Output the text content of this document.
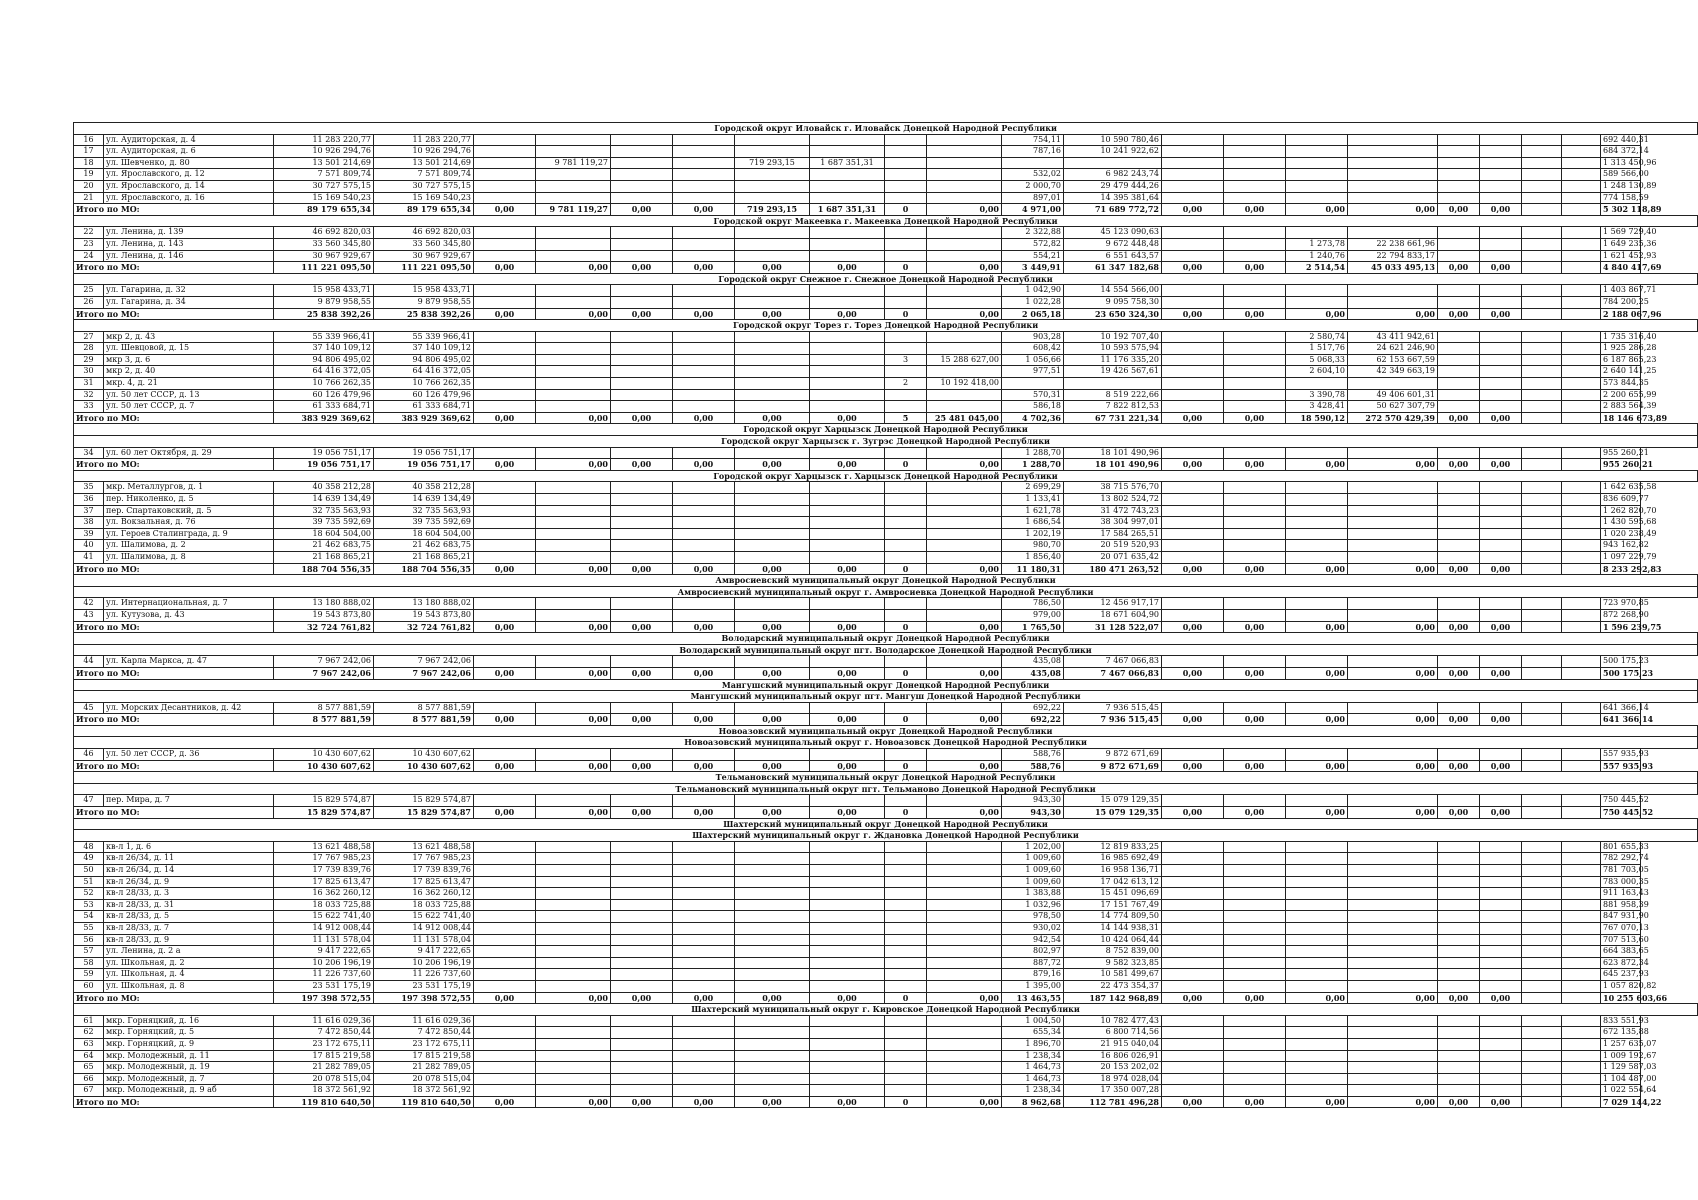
Городской округ Иловайск г. Иловайск Донецкой Народной Республики																						
16	ул. Аудиторская, д. 4	11 283 220,77	11 283 220,77									754,11	10 590 780,46									692 440,31
17	ул. Аудиторская, д. 6	10 926 294,76	10 926 294,76									787,16	10 241 922,62									684 372,14
18	ул. Шевченко, д. 80	13 501 214,69	13 501 214,69		9 781 119,27			719 293,15	1 687 351,31													1 313 450,96
19	ул. Ярославского, д. 12	7 571 809,74	7 571 809,74									532,02	6 982 243,74									589 566,00
20	ул. Ярославского, д. 14	30 727 575,15	30 727 575,15									2 000,70	29 479 444,26									1 248 130,89
21	ул. Ярославского, д. 16	15 169 540,23	15 169 540,23									897,01	14 395 381,64									774 158,59
Итого по МО:		89 179 655,34	89 179 655,34	0,00	9 781 119,27	0,00	0,00	719 293,15	1 687 351,31	0	0,00	4 971,00	71 689 772,72	0,00	0,00	0,00	0,00	0,00	0,00			5 302 118,89
Городской округ Макеевка г. Макеевка Донецкой Народной Республики																						
22	ул. Ленина, д. 139	46 692 820,03	46 692 820,03									2 322,88	45 123 090,63									1 569 729,40
23	ул. Ленина, д. 143	33 560 345,80	33 560 345,80									572,82	9 672 448,48			1 273,78	22 238 661,96					1 649 235,36
24	ул. Ленина, д. 146	30 967 929,67	30 967 929,67									554,21	6 551 643,57			1 240,76	22 794 833,17					1 621 452,93
Итого по МО:		111 221 095,50	111 221 095,50	0,00	0,00	0,00	0,00	0,00	0,00	0	0,00	3 449,91	61 347 182,68	0,00	0,00	2 514,54	45 033 495,13	0,00	0,00			4 840 417,69
Городской округ Снежное г. Снежное Донецкой Народной Республики																						
25	ул. Гагарина, д. 32	15 958 433,71	15 958 433,71									1 042,90	14 554 566,00									1 403 867,71
26	ул. Гагарина, д. 34	9 879 958,55	9 879 958,55									1 022,28	9 095 758,30									784 200,25
Итого по МО:		25 838 392,26	25 838 392,26	0,00	0,00	0,00	0,00	0,00	0,00	0	0,00	2 065,18	23 650 324,30	0,00	0,00	0,00	0,00	0,00	0,00			2 188 067,96
Городской округ Торез г. Торез Донецкой Народной Республики																						
27	мкр 2, д. 43	55 339 966,41	55 339 966,41									903,28	10 192 707,40			2 580,74	43 411 942,61					1 735 316,40
28	ул. Шевцовой, д. 15	37 140 109,12	37 140 109,12									608,42	10 593 575,94			1 517,76	24 621 246,90					1 925 286,28
29	мкр 3, д. 6	94 806 495,02	94 806 495,02							3	15 288 627,00	1 056,66	11 176 335,20			5 068,33	62 153 667,59					6 187 865,23
30	мкр 2, д. 40	64 416 372,05	64 416 372,05									977,51	19 426 567,61			2 604,10	42 349 663,19					2 640 141,25
31	мкр. 4, д. 21	10 766 262,35	10 766 262,35							2	10 192 418,00											573 844,35
32	ул. 50 лет СССР, д. 13	60 126 479,96	60 126 479,96									570,31	8 519 222,66			3 390,78	49 406 601,31					2 200 655,99
33	ул. 50 лет СССР, д. 7	61 333 684,71	61 333 684,71									586,18	7 822 812,53			3 428,41	50 627 307,79					2 883 564,39
Итого по МО:		383 929 369,62	383 929 369,62	0,00	0,00	0,00	0,00	0,00	0,00	5	25 481 045,00	4 702,36	67 731 221,34	0,00	0,00	18 590,12	272 570 429,39	0,00	0,00			18 146 673,89
Городской округ Харцызск Донецкой Народной Республики																						
Городской округ Харцызск г. Зугрэс Донецкой Народной Республики																						
34	ул. 60 лет Октября, д. 29	19 056 751,17	19 056 751,17									1 288,70	18 101 490,96									955 260,21
Итого по МО:		19 056 751,17	19 056 751,17	0,00	0,00	0,00	0,00	0,00	0,00	0	0,00	1 288,70	18 101 490,96	0,00	0,00	0,00	0,00	0,00	0,00			955 260,21
Городской округ Харцызск г. Харцызск Донецкой Народной Республики																						
35	мкр. Металлургов, д. 1	40 358 212,28	40 358 212,28									2 699,29	38 715 576,70									1 642 635,58
36	пер. Николенко, д. 5	14 639 134,49	14 639 134,49									1 133,41	13 802 524,72									836 609,77
37	пер. Спартаковский, д. 5	32 735 563,93	32 735 563,93									1 621,78	31 472 743,23									1 262 820,70
38	ул. Вокзальная, д. 76	39 735 592,69	39 735 592,69									1 686,54	38 304 997,01									1 430 595,68
39	ул. Героев Сталинграда, д. 9	18 604 504,00	18 604 504,00									1 202,19	17 584 265,51									1 020 238,49
40	ул. Шалимова, д. 2	21 462 683,75	21 462 683,75									980,70	20 519 520,93									943 162,82
41	ул. Шалимова, д. 8	21 168 865,21	21 168 865,21									1 856,40	20 071 635,42									1 097 229,79
Итого по МО:		188 704 556,35	188 704 556,35	0,00	0,00	0,00	0,00	0,00	0,00	0	0,00	11 180,31	180 471 263,52	0,00	0,00	0,00	0,00	0,00	0,00			8 233 292,83
Амвросиевский муниципальный округ Донецкой Народной Республики																						
Амвросиевский муниципальный округ г. Амвросиевка Донецкой Народной Республики																						
42	ул. Интернациональная, д. 7	13 180 888,02	13 180 888,02									786,50	12 456 917,17									723 970,85
43	ул. Кутузова, д. 43	19 543 873,80	19 543 873,80									979,00	18 671 604,90									872 268,90
Итого по МО:		32 724 761,82	32 724 761,82	0,00	0,00	0,00	0,00	0,00	0,00	0	0,00	1 765,50	31 128 522,07	0,00	0,00	0,00	0,00	0,00	0,00			1 596 239,75
Володарский муниципальный округ Донецкой Народной Республики																						
Володарский муниципальный округ пгт. Володарское Донецкой Народной Республики																						
44	ул. Карла Маркса, д. 47	7 967 242,06	7 967 242,06									435,08	7 467 066,83									500 175,23
Итого по МО:		7 967 242,06	7 967 242,06	0,00	0,00	0,00	0,00	0,00	0,00	0	0,00	435,08	7 467 066,83	0,00	0,00	0,00	0,00	0,00	0,00			500 175,23
Мангушский муниципальный округ Донецкой Народной Республики																						
Мангушский муниципальный округ пгт. Мангуш Донецкой Народной Республики																						
45	ул. Морских Десантников, д. 42	8 577 881,59	8 577 881,59									692,22	7 936 515,45									641 366,14
Итого по МО:		8 577 881,59	8 577 881,59	0,00	0,00	0,00	0,00	0,00	0,00	0	0,00	692,22	7 936 515,45	0,00	0,00	0,00	0,00	0,00	0,00			641 366,14
Новоазовский муниципальный округ Донецкой Народной Республики																						
Новоазовский муниципальный округ г. Новоазовск Донецкой Народной Республики																						
46	ул. 50 лет СССР, д. 36	10 430 607,62	10 430 607,62									588,76	9 872 671,69									557 935,93
Итого по МО:		10 430 607,62	10 430 607,62	0,00	0,00	0,00	0,00	0,00	0,00	0	0,00	588,76	9 872 671,69	0,00	0,00	0,00	0,00	0,00	0,00			557 935,93
Тельмановский муниципальный округ Донецкой Народной Республики																						
Тельмановский муниципальный округ пгт. Тельманово Донецкой Народной Республики																						
47	пер. Мира, д. 7	15 829 574,87	15 829 574,87									943,30	15 079 129,35									750 445,52
Итого по МО:		15 829 574,87	15 829 574,87	0,00	0,00	0,00	0,00	0,00	0,00	0	0,00	943,30	15 079 129,35	0,00	0,00	0,00	0,00	0,00	0,00			750 445,52
Шахтерский муниципальный округ Донецкой Народной Республики																						
Шахтерский муниципальный округ г. Ждановка Донецкой Народной Республики																						
48	кв-л 1, д. 6	13 621 488,58	13 621 488,58									1 202,00	12 819 833,25									801 655,33
49	кв-л 26/34, д. 11	17 767 985,23	17 767 985,23									1 009,60	16 985 692,49									782 292,74
50	кв-л 26/34, д. 14	17 739 839,76	17 739 839,76									1 009,60	16 958 136,71									781 703,05
51	кв-л 26/34, д. 9	17 825 613,47	17 825 613,47									1 009,60	17 042 613,12									783 000,35
52	кв-л 28/33, д. 3	16 362 260,12	16 362 260,12									1 383,88	15 451 096,69									911 163,43
53	кв-л 28/33, д. 31	18 033 725,88	18 033 725,88									1 032,96	17 151 767,49									881 958,39
54	кв-л 28/33, д. 5	15 622 741,40	15 622 741,40									978,50	14 774 809,50									847 931,90
55	кв-л 28/33, д. 7	14 912 008,44	14 912 008,44									930,02	14 144 938,31									767 070,13
56	кв-л 28/33, д. 9	11 131 578,04	11 131 578,04									942,54	10 424 064,44									707 513,60
57	ул. Ленина, д. 2 а	9 417 222,65	9 417 222,65									802,97	8 752 839,00									664 383,65
58	ул. Школьная, д. 2	10 206 196,19	10 206 196,19									887,72	9 582 323,85									623 872,34
59	ул. Школьная, д. 4	11 226 737,60	11 226 737,60									879,16	10 581 499,67									645 237,93
60	ул. Школьная, д. 8	23 531 175,19	23 531 175,19									1 395,00	22 473 354,37									1 057 820,82
Итого по МО:		197 398 572,55	197 398 572,55	0,00	0,00	0,00	0,00	0,00	0,00	0	0,00	13 463,55	187 142 968,89	0,00	0,00	0,00	0,00	0,00	0,00			10 255 603,66
Шахтерский муниципальный округ г. Кировское Донецкой Народной Республики																						
61	мкр. Горняцкий, д. 16	11 616 029,36	11 616 029,36									1 004,50	10 782 477,43									833 551,93
62	мкр. Горняцкий, д. 5	7 472 850,44	7 472 850,44									655,34	6 800 714,56									672 135,88
63	мкр. Горняцкий, д. 9	23 172 675,11	23 172 675,11									1 896,70	21 915 040,04									1 257 635,07
64	мкр. Молодежный, д. 11	17 815 219,58	17 815 219,58									1 238,34	16 806 026,91									1 009 192,67
65	мкр. Молодежный, д. 19	21 282 789,05	21 282 789,05									1 464,73	20 153 202,02									1 129 587,03
66	мкр. Молодежный, д. 7	20 078 515,04	20 078 515,04									1 464,73	18 974 028,04									1 104 487,00
67	мкр. Молодежный, д. 9 аб	18 372 561,92	18 372 561,92									1 238,34	17 350 007,28									1 022 554,64
Итого по МО:		119 810 640,50	119 810 640,50	0,00	0,00	0,00	0,00	0,00	0,00	0	0,00	8 962,68	112 781 496,28	0,00	0,00	0,00	0,00	0,00	0,00			7 029 144,22
